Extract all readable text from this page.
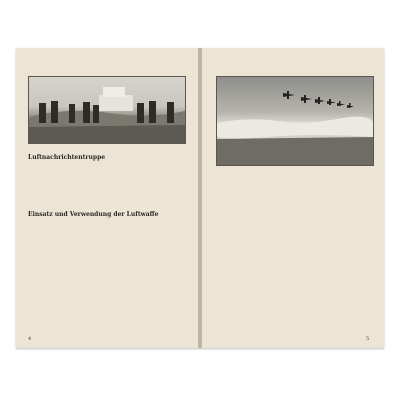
Luftnachrichtentruppe
Einsatz und Verwendung der Luftwaffe
4	5
